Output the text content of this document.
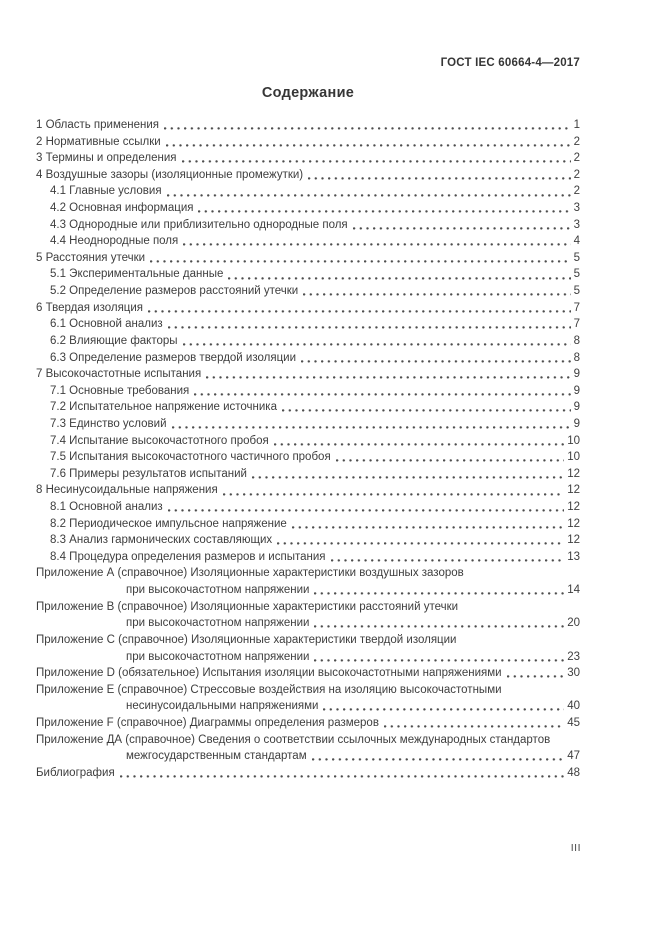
ГОСТ IEC 60664-4—2017
Содержание
1 Область применения	1
2 Нормативные ссылки	2
3 Термины и определения	2
4 Воздушные зазоры (изоляционные промежутки)	2
4.1 Главные условия	2
4.2 Основная информация	3
4.3 Однородные или приблизительно однородные поля	3
4.4 Неоднородные поля	4
5 Расстояния утечки	5
5.1 Экспериментальные данные	5
5.2 Определение размеров расстояний утечки	5
6 Твердая изоляция	7
6.1 Основной анализ	7
6.2 Влияющие факторы	8
6.3 Определение размеров твердой изоляции	8
7 Высокочастотные испытания	9
7.1 Основные требования	9
7.2 Испытательное напряжение источника	9
7.3 Единство условий	9
7.4 Испытание высокочастотного пробоя	10
7.5 Испытания высокочастотного частичного пробоя	10
7.6 Примеры результатов испытаний	12
8 Несинусоидальные напряжения	12
8.1 Основной анализ	12
8.2 Периодическое импульсное напряжение	12
8.3 Анализ гармонических составляющих	12
8.4 Процедура определения размеров и испытания	13
Приложение А (справочное) Изоляционные характеристики воздушных зазоров
при высокочастотном напряжении	14
Приложение В (справочное) Изоляционные характеристики расстояний утечки
при высокочастотном напряжении	20
Приложение С (справочное) Изоляционные характеристики твердой изоляции
при высокочастотном напряжении	23
Приложение D (обязательное) Испытания изоляции высокочастотными напряжениями	30
Приложение Е (справочное) Стрессовые воздействия на изоляцию высокочастотными
несинусоидальными напряжениями	40
Приложение F (справочное) Диаграммы определения размеров	45
Приложение ДА (справочное) Сведения о соответствии ссылочных международных стандартов
межгосударственным стандартам	47
Библиография	48
III
